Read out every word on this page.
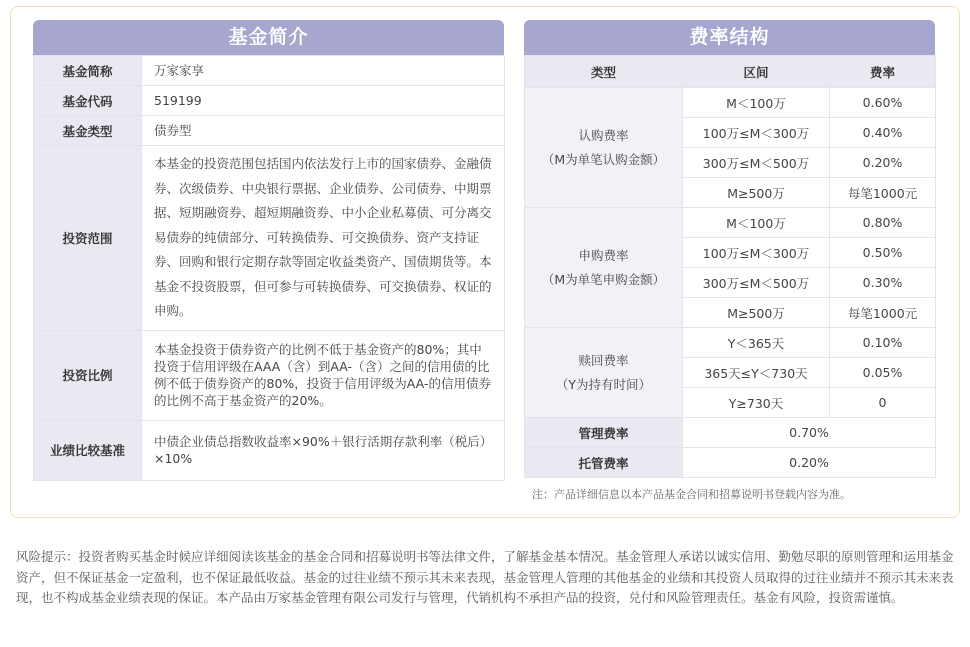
基金简介
基金简称	万家家享
基金代码	519199
基金类型	债券型
投资范围	本基金的投资范围包括国内依法发行上市的国家债券、金融债券、次级债券、中央银行票据、企业债券、公司债券、中期票据、短期融资券、超短期融资券、中小企业私募债、可分离交易债券的纯债部分、可转换债券、可交换债券、资产支持证券、回购和银行定期存款等固定收益类资产、国债期货等。本基金不投资股票，但可参与可转换债券、可交换债券、权证的申购。
投资比例	本基金投资于债券资产的比例不低于基金资产的80%；其中投资于信用评级在AAA（含）到AA-（含）之间的信用债的比例不低于债券资产的80%，投资于信用评级为AA-的信用债券的比例不高于基金资产的20%。
业绩比较基准	中债企业债总指数收益率×90%＋银行活期存款利率（税后）×10%
费率结构
类型	区间	费率

认购费率
（M为单笔认购金额）	M＜100万	0.60%
	100万≤M＜300万	0.40%
	300万≤M＜500万	0.20%
	M≥500万	每笔1000元

申购费率
（M为单笔申购金额）	M＜100万	0.80%
	100万≤M＜300万	0.50%
	300万≤M＜500万	0.30%
	M≥500万	每笔1000元

赎回费率
（Y为持有时间）	Y＜365天	0.10%
	365天≤Y＜730天	0.05%
	Y≥730天	0
管理费率	0.70%	
托管费率	0.20%	
注：产品详细信息以本产品基金合同和招募说明书登载内容为准。
风险提示：投资者购买基金时候应详细阅读该基金的基金合同和招募说明书等法律文件，了解基金基本情况。基金管理人承诺以诚实信用、勤勉尽职的原则管理和运用基金资产，但不保证基金一定盈利，也不保证最低收益。基金的过往业绩不预示其未来表现，基金管理人管理的其他基金的业绩和其投资人员取得的过往业绩并不预示其未来表现，也不构成基金业绩表现的保证。本产品由万家基金管理有限公司发行与管理，代销机构不承担产品的投资，兑付和风险管理责任。基金有风险，投资需谨慎。
